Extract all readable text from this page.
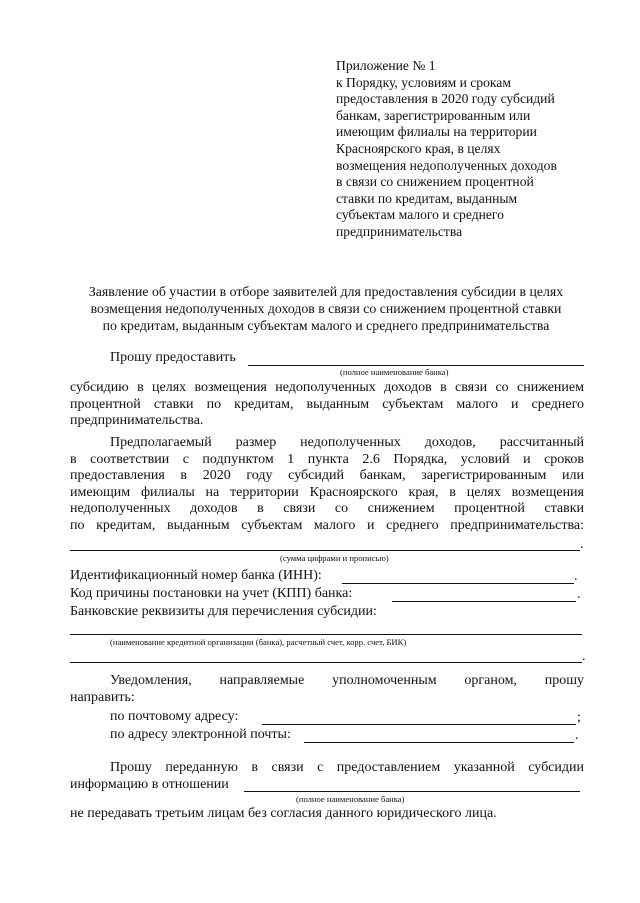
Приложение № 1
к Порядку, условиям и срокам
предоставления в 2020 году субсидий
банкам, зарегистрированным или
имеющим филиалы на территории
Красноярского края, в целях
возмещения недополученных доходов
в связи со снижением процентной
ставки по кредитам, выданным
субъектам малого и среднего
предпринимательства
Заявление об участии в отборе заявителей для предоставления субсидии в целях
возмещения недополученных доходов в связи со снижением процентной ставки
по кредитам, выданным субъектам малого и среднего предпринимательства
Прошу предоставить
(полное наименование банка)
субсидию в целях возмещения недополученных доходов в связи со снижением
процентной ставки по кредитам, выданным субъектам малого и среднего
предпринимательства.
Предполагаемый размер недополученных доходов, рассчитанный
в соответствии с подпунктом 1 пункта 2.6 Порядка, условий и сроков
предоставления в 2020 году субсидий банкам, зарегистрированным или
имеющим филиалы на территории Красноярского края, в целях возмещения
недополученных доходов в связи со снижением процентной ставки
по кредитам, выданным субъектам малого и среднего предпринимательства:
.
(сумма цифрами и прописью)
Идентификационный номер банка (ИНН):	.
Код причины постановки на учет (КПП) банка:	.
Банковские реквизиты для перечисления субсидии:
(наименование кредитной организации (банка), расчетный счет, корр. счет, БИК)
.
Уведомления, направляемые уполномоченным органом, прошу
направить:
по почтовому адресу:	;
по адресу электронной почты:	.
Прошу переданную в связи с предоставлением указанной субсидии
информацию в отношении
(полное наименование банка)
не передавать третьим лицам без согласия данного юридического лица.
